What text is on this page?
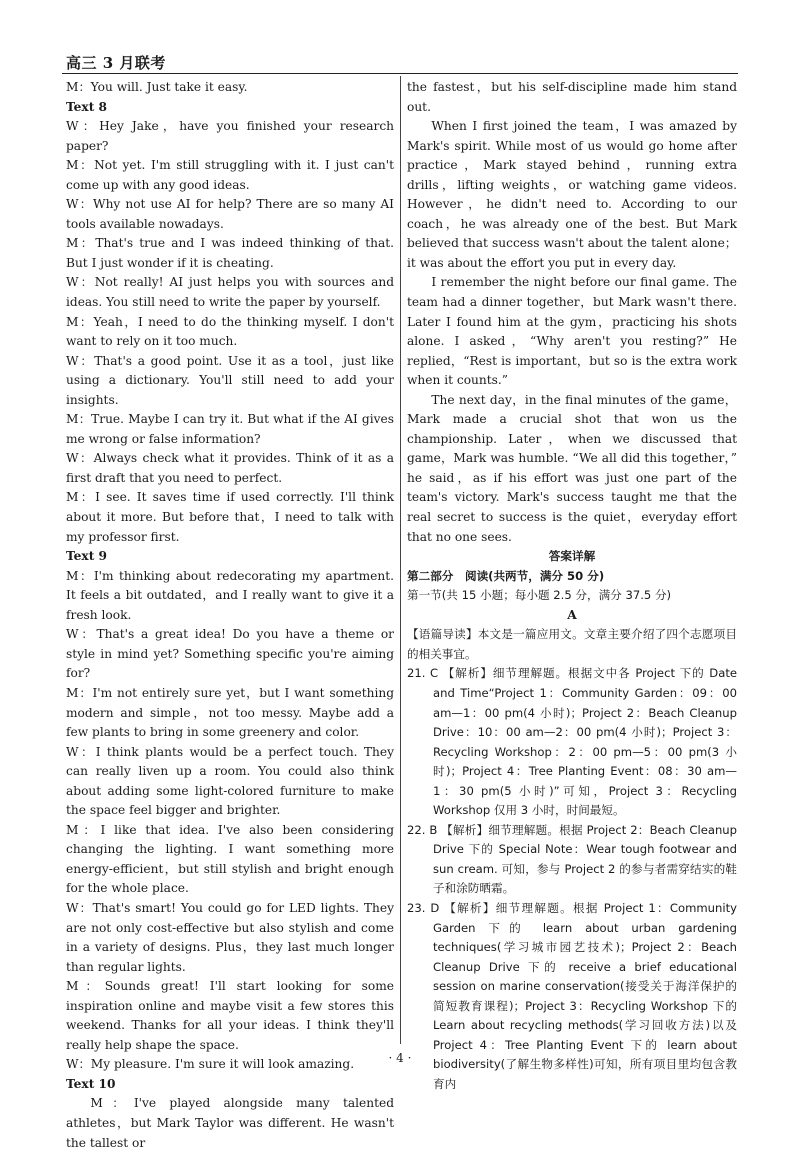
高三 3 月联考

M：You will. Just take it easy.

Text 8

W：Hey Jake，have you finished your research paper?

M：Not yet. I'm still struggling with it. I just can't come up with any good ideas.

W：Why not use AI for help? There are so many AI tools available nowadays.

M：That's true and I was indeed thinking of that. But I just wonder if it is cheating.

W：Not really! AI just helps you with sources and ideas. You still need to write the paper by yourself.

M：Yeah，I need to do the thinking myself. I don't want to rely on it too much.

W：That's a good point. Use it as a tool，just like using a dictionary. You'll still need to add your insights.

M：True. Maybe I can try it. But what if the AI gives me wrong or false information?

W：Always check what it provides. Think of it as a first draft that you need to perfect.

M：I see. It saves time if used correctly. I'll think about it more. But before that，I need to talk with my professor first.

Text 9

M：I'm thinking about redecorating my apartment. It feels a bit outdated，and I really want to give it a fresh look.

W：That's a great idea! Do you have a theme or style in mind yet? Something specific you're aiming for?

M：I'm not entirely sure yet，but I want something modern and simple，not too messy. Maybe add a few plants to bring in some greenery and color.

W：I think plants would be a perfect touch. They can really liven up a room. You could also think about adding some light-colored furniture to make the space feel bigger and brighter.

M：I like that idea. I've also been considering changing the lighting. I want something more energy-efficient，but still stylish and bright enough for the whole place.

W：That's smart! You could go for LED lights. They are not only cost-effective but also stylish and come in a variety of designs. Plus，they last much longer than regular lights.

M：Sounds great! I'll start looking for some inspiration online and maybe visit a few stores this weekend. Thanks for all your ideas. I think they'll really help shape the space.

W：My pleasure. I'm sure it will look amazing.

Text 10

M：I've played alongside many talented athletes，but Mark Taylor was different. He wasn't the tallest or

the fastest，but his self-discipline made him stand out.

When I first joined the team，I was amazed by Mark's spirit. While most of us would go home after practice，Mark stayed behind，running extra drills，lifting weights，or watching game videos. However，he didn't need to. According to our coach，he was already one of the best. But Mark believed that success wasn't about the talent alone；it was about the effort you put in every day.

I remember the night before our final game. The team had a dinner together，but Mark wasn't there. Later I found him at the gym，practicing his shots alone. I asked，“Why aren't you resting?” He replied，“Rest is important，but so is the extra work when it counts.”

The next day，in the final minutes of the game，Mark made a crucial shot that won us the championship. Later，when we discussed that game，Mark was humble. “We all did this together，” he said，as if his effort was just one part of the team's victory. Mark's success taught me that the real secret to success is the quiet，everyday effort that no one sees.

答案详解

第二部分　阅读(共两节，满分 50 分)

第一节(共 15 小题；每小题 2.5 分，满分 37.5 分)

A

【语篇导读】本文是一篇应用文。文章主要介绍了四个志愿项目的相关事宜。

21. C 【解析】细节理解题。根据文中各 Project 下的 Date and Time“Project 1：Community Garden：09：00 am—1：00 pm(4 小时)；Project 2：Beach Cleanup Drive：10：00 am—2：00 pm(4 小时)；Project 3：Recycling Workshop：2：00 pm—5：00 pm(3 小时)；Project 4：Tree Planting Event：08：30 am—1：30 pm(5 小时)”可知，Project 3：Recycling Workshop 仅用 3 小时，时间最短。

22. B 【解析】细节理解题。根据 Project 2：Beach Cleanup Drive 下的 Special Note：Wear tough footwear and sun cream. 可知，参与 Project 2 的参与者需穿结实的鞋子和涂防晒霜。

23. D 【解析】细节理解题。根据 Project 1：Community Garden 下的 learn about urban gardening techniques(学习城市园艺技术)；Project 2：Beach Cleanup Drive 下的 receive a brief educational session on marine conservation(接受关于海洋保护的简短教育课程)；Project 3：Recycling Workshop 下的 Learn about recycling methods(学习回收方法)以及 Project 4：Tree Planting Event 下的 learn about biodiversity(了解生物多样性)可知，所有项目里均包含教育内

· 4 ·
